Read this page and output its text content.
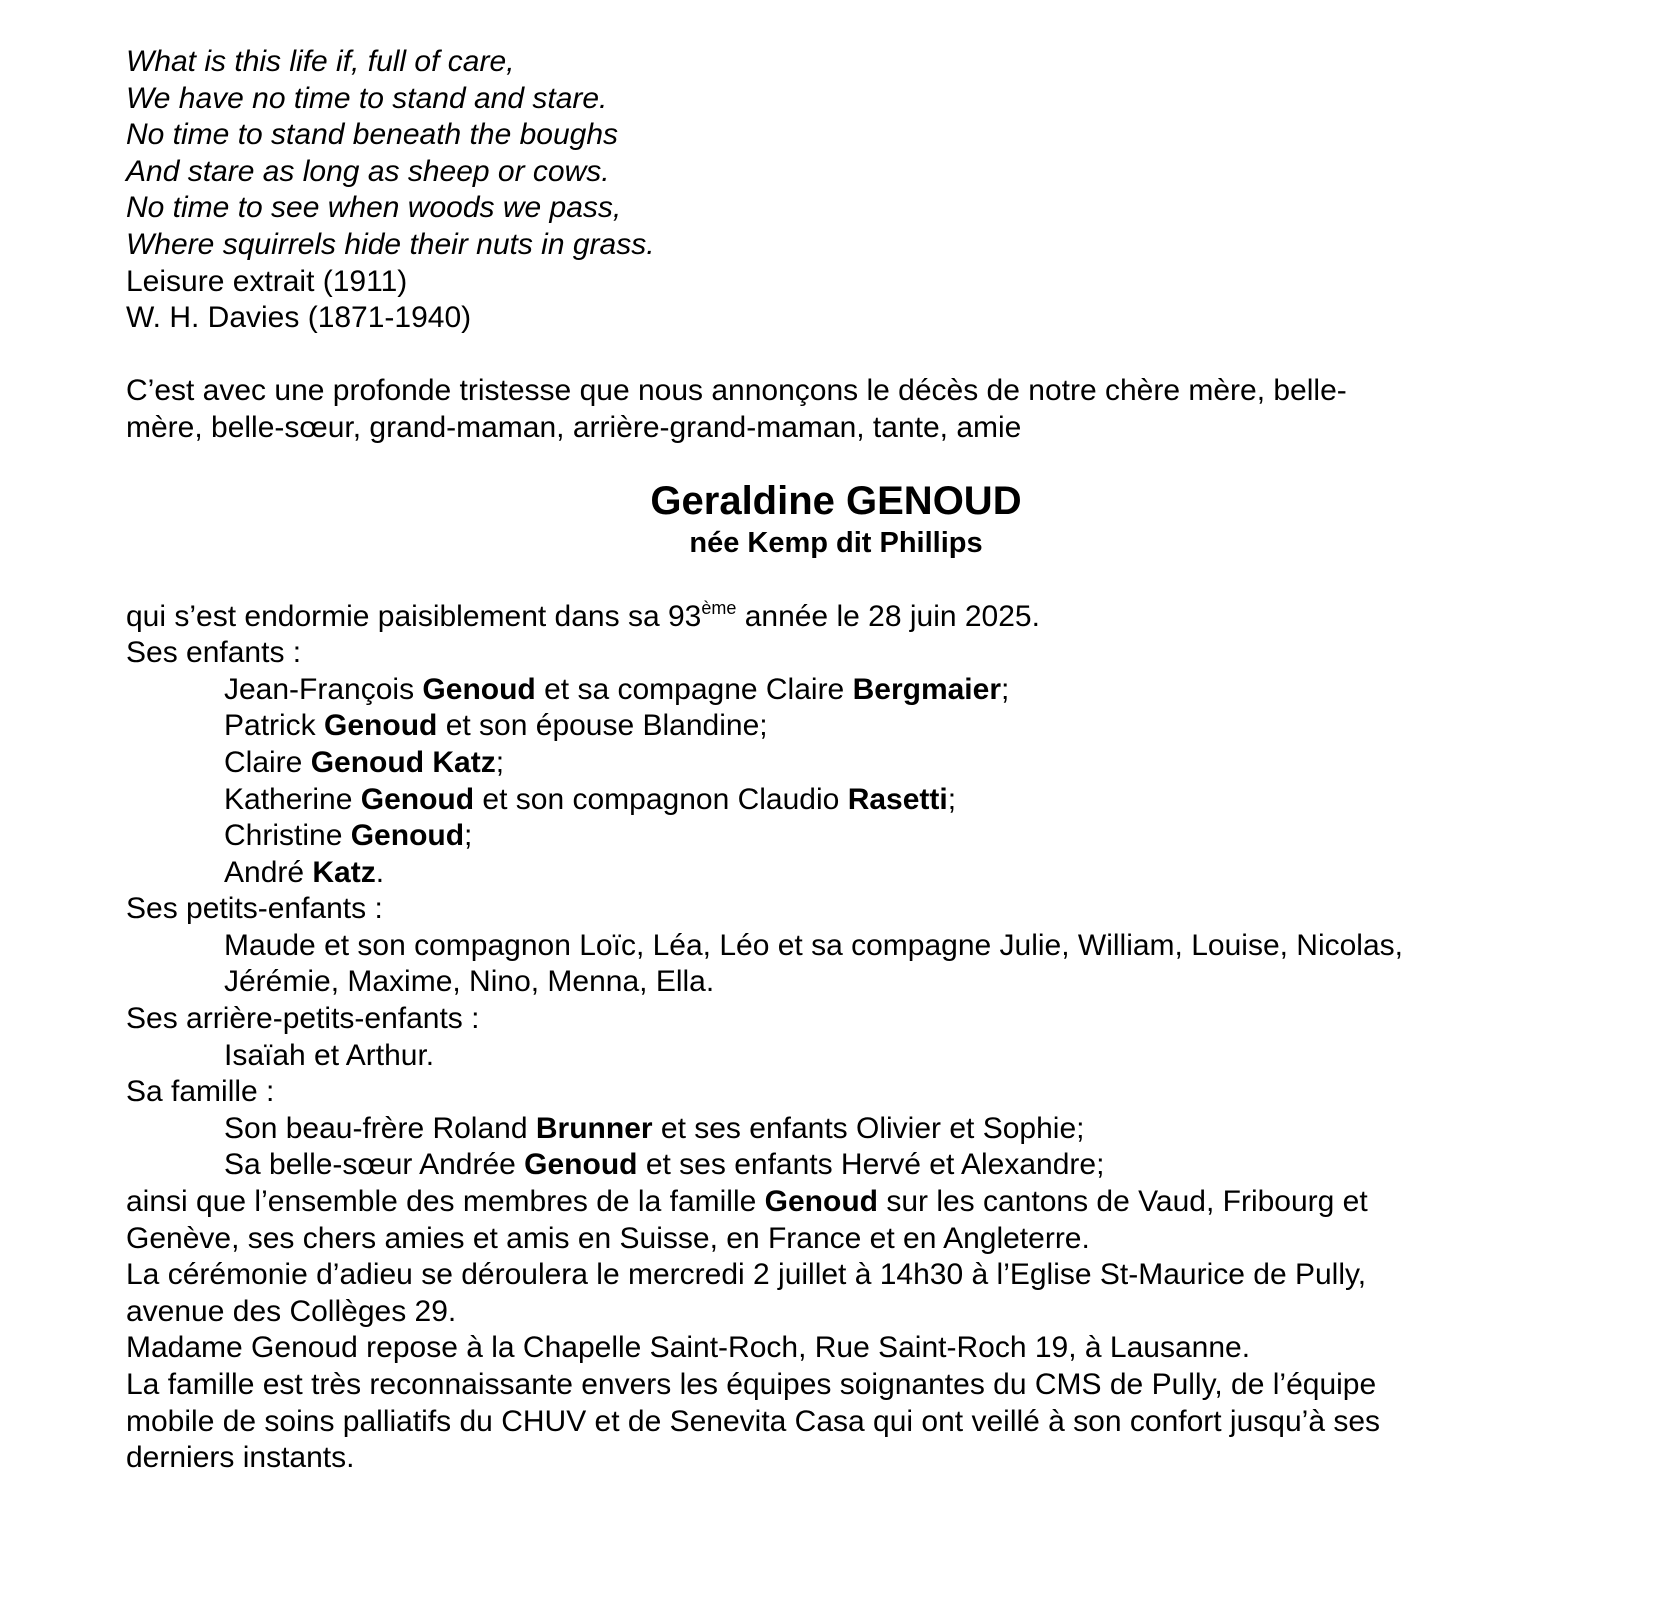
What is this life if, full of care,
We have no time to stand and stare.
No time to stand beneath the boughs
And stare as long as sheep or cows.
No time to see when woods we pass,
Where squirrels hide their nuts in grass.
Leisure extrait (1911)
W. H. Davies (1871-1940)
C’est avec une profonde tristesse que nous annonçons le décès de notre chère mère, belle-
mère, belle-sœur, grand-maman, arrière-grand-maman, tante, amie
Geraldine GENOUD
née Kemp dit Phillips
qui s’est endormie paisiblement dans sa 93ème année le 28 juin 2025.
Ses enfants :
Jean-François Genoud et sa compagne Claire Bergmaier;
Patrick Genoud et son épouse Blandine;
Claire Genoud Katz;
Katherine Genoud et son compagnon Claudio Rasetti;
Christine Genoud;
André Katz.
Ses petits-enfants :
Maude et son compagnon Loïc, Léa, Léo et sa compagne Julie, William, Louise, Nicolas,
Jérémie, Maxime, Nino, Menna, Ella.
Ses arrière-petits-enfants :
Isaïah et Arthur.
Sa famille :
Son beau-frère Roland Brunner et ses enfants Olivier et Sophie;
Sa belle-sœur Andrée Genoud et ses enfants Hervé et Alexandre;
ainsi que l’ensemble des membres de la famille Genoud sur les cantons de Vaud, Fribourg et
Genève, ses chers amies et amis en Suisse, en France et en Angleterre.
La cérémonie d’adieu se déroulera le mercredi 2 juillet à 14h30 à l’Eglise St-Maurice de Pully,
avenue des Collèges 29.
Madame Genoud repose à la Chapelle Saint-Roch, Rue Saint-Roch 19, à Lausanne.
La famille est très reconnaissante envers les équipes soignantes du CMS de Pully, de l’équipe
mobile de soins palliatifs du CHUV et de Senevita Casa qui ont veillé à son confort jusqu’à ses
derniers instants.
